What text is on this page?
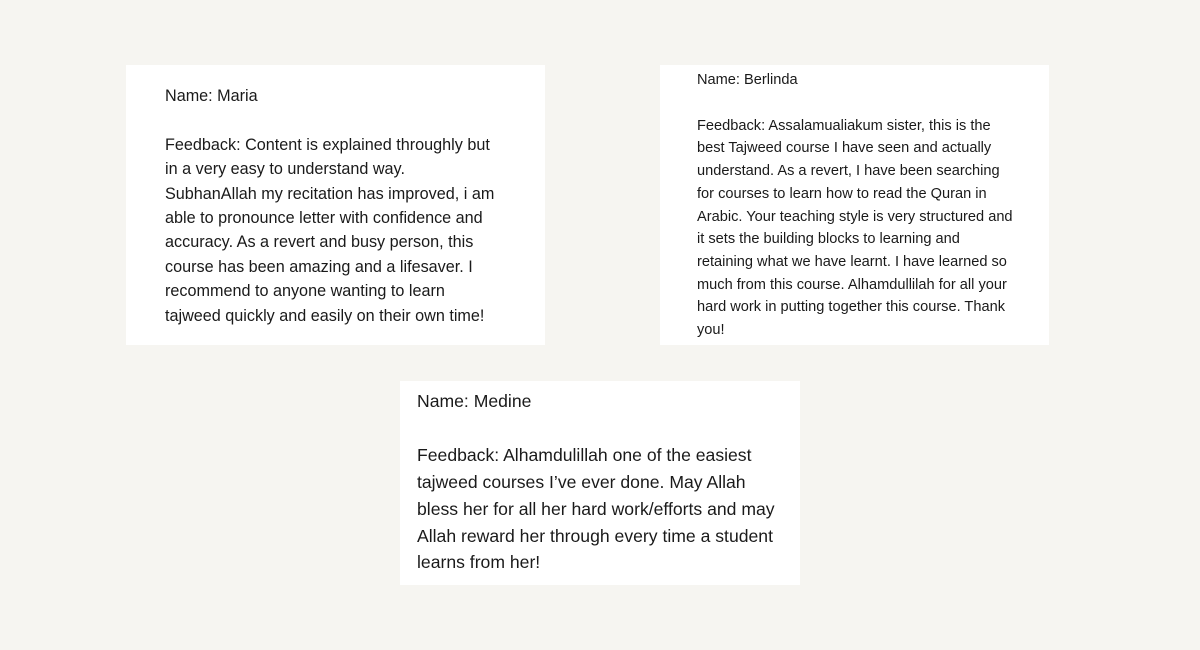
Name: Maria

Feedback: Content is explained throughly but in a very easy to understand way. SubhanAllah my recitation has improved, i am able to pronounce letter with confidence and accuracy. As a revert and busy person, this course has been amazing and a lifesaver. I recommend to anyone wanting to learn tajweed quickly and easily on their own time!

Name: Berlinda

Feedback: Assalamualiakum sister, this is the best Tajweed course I have seen and actually understand. As a revert, I have been searching for courses to learn how to read the Quran in Arabic. Your teaching style is very structured and it sets the building blocks to learning and retaining what we have learnt. I have learned so much from this course. Alhamdullilah for all your hard work in putting together this course. Thank you!

Name: Medine

Feedback: Alhamdulillah one of the easiest tajweed courses I’ve ever done. May Allah bless her for all her hard work/efforts and may Allah reward her through every time a student learns from her!
